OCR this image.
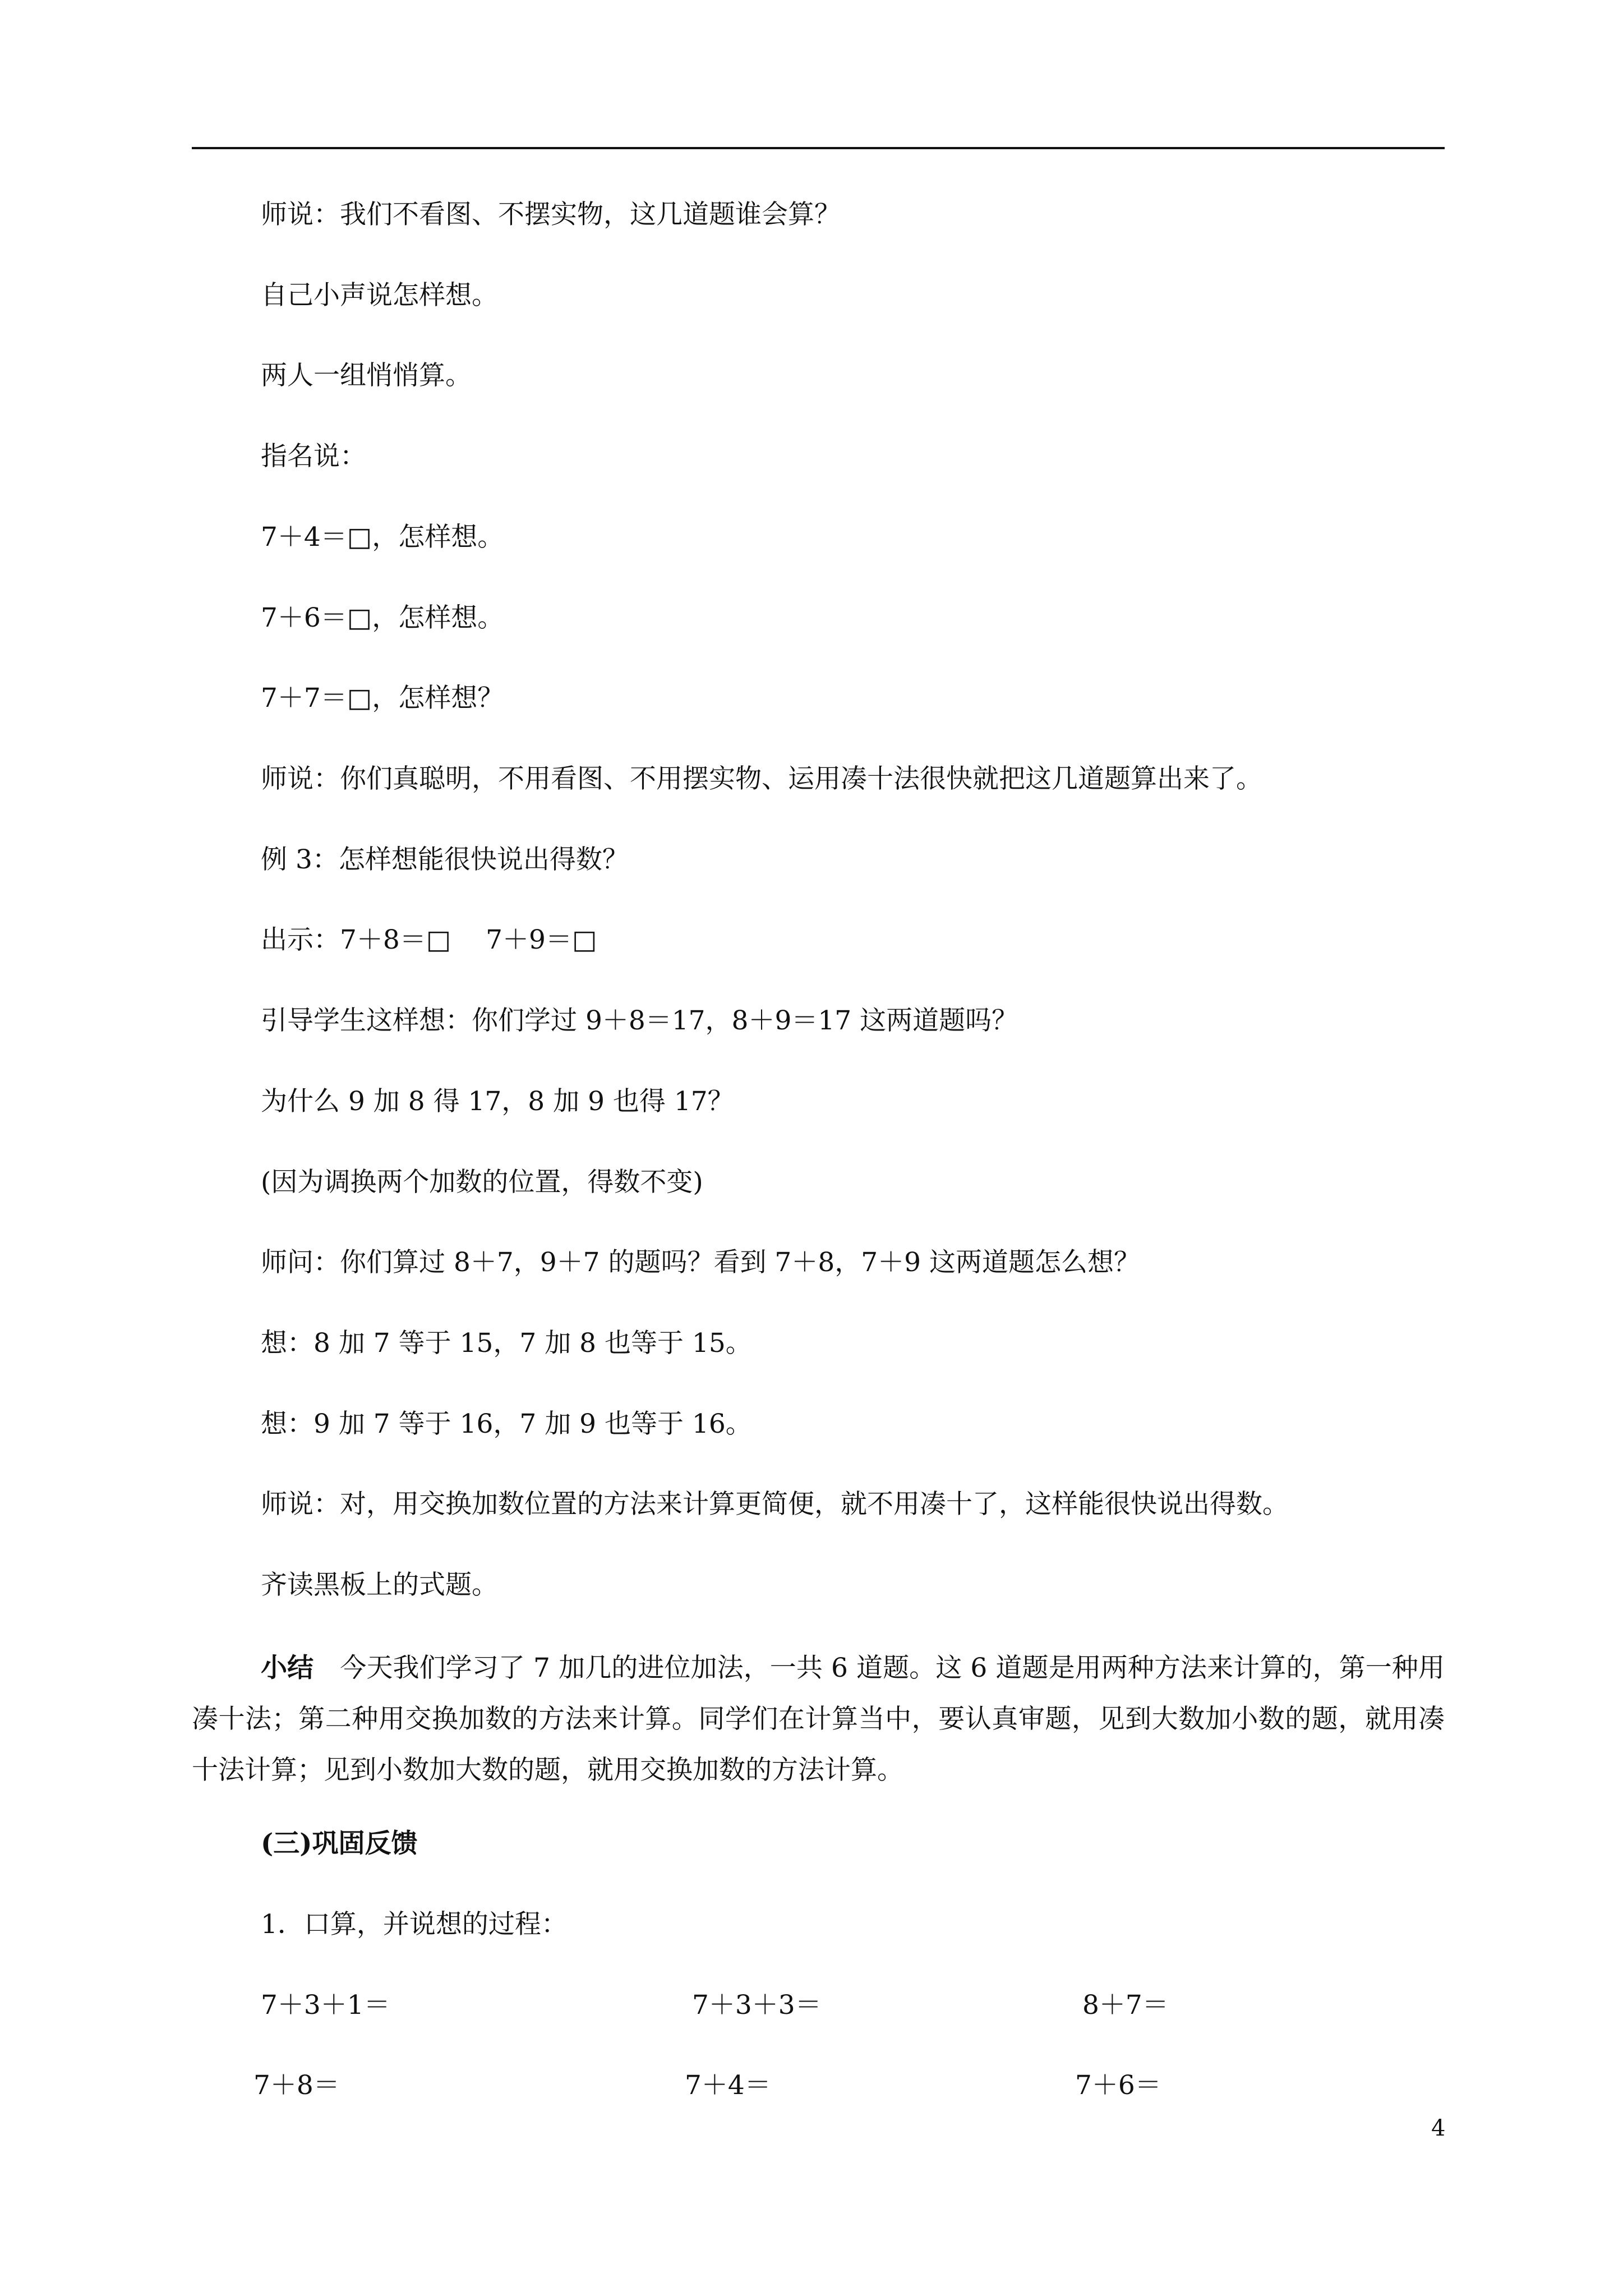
师说：我们不看图、不摆实物，这几道题谁会算？

自己小声说怎样想。

两人一组悄悄算。

指名说：

7＋4＝□，怎样想。

7＋6＝□，怎样想。

7＋7＝□，怎样想？

师说：你们真聪明，不用看图、不用摆实物、运用凑十法很快就把这几道题算出来了。

例 3：怎样想能很快说出得数？

出示：7＋8＝□　 7＋9＝□

引导学生这样想：你们学过 9＋8＝17，8＋9＝17 这两道题吗？

为什么 9 加 8 得 17，8 加 9 也得 17？

(因为调换两个加数的位置，得数不变)

师问：你们算过 8＋7，9＋7 的题吗？看到 7＋8，7＋9 这两道题怎么想？

想：8 加 7 等于 15，7 加 8 也等于 15。

想：9 加 7 等于 16，7 加 9 也等于 16。

师说：对，用交换加数位置的方法来计算更简便，就不用凑十了，这样能很快说出得数。

齐读黑板上的式题。

小结　今天我们学习了 7 加几的进位加法，一共 6 道题。这 6 道题是用两种方法来计算的，第一种用凑十法；第二种用交换加数的方法来计算。同学们在计算当中，要认真审题，见到大数加小数的题，就用凑十法计算；见到小数加大数的题，就用交换加数的方法计算。

(三)巩固反馈

1．口算，并说想的过程：

7＋3＋1＝	7＋3＋3＝	8＋7＝

7＋8＝	7＋4＝	7＋6＝

4
